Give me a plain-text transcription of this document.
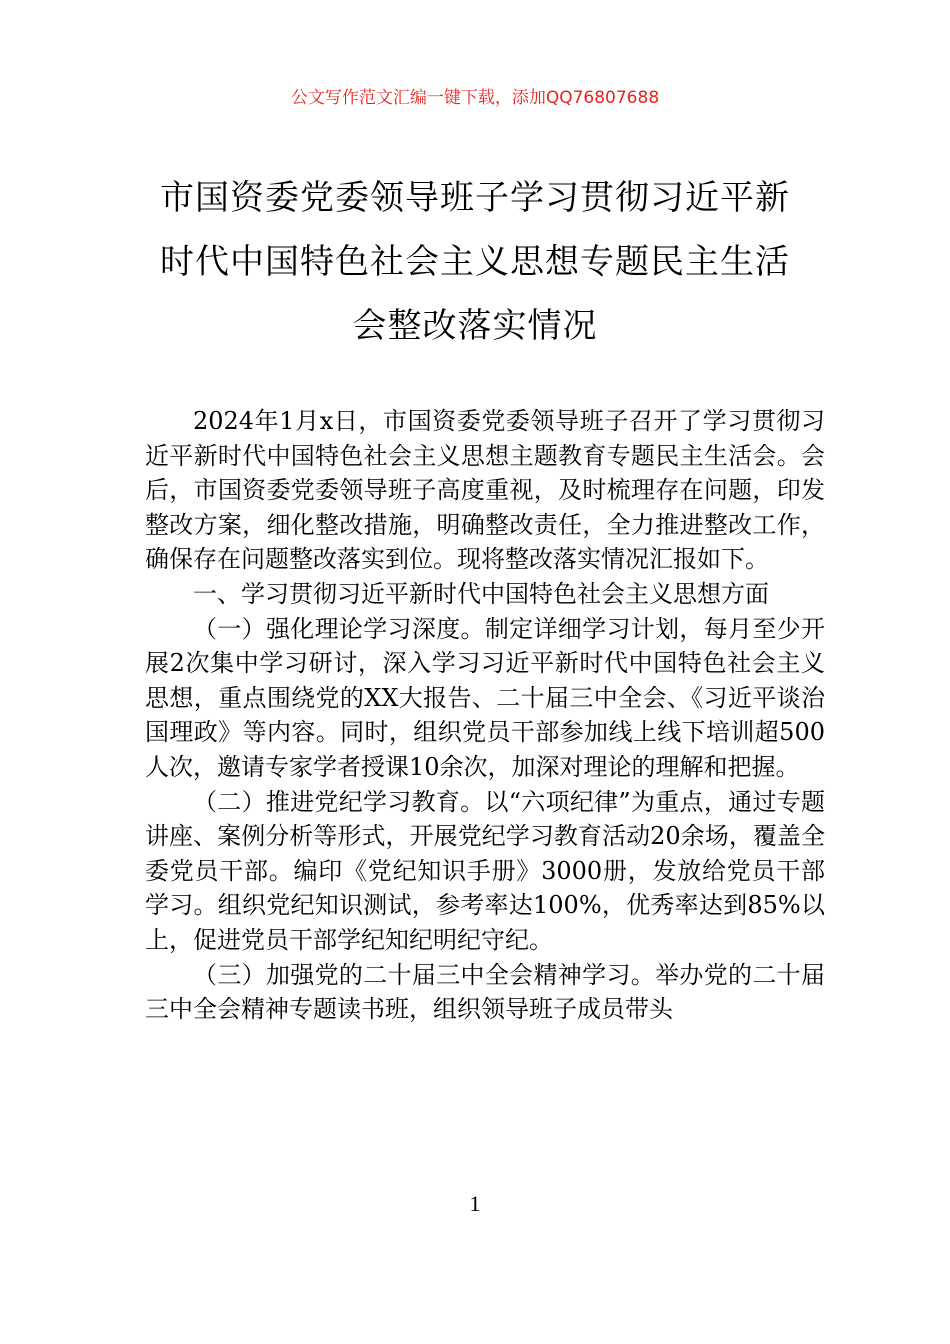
公文写作范文汇编一键下载，添加QQ76807688
市国资委党委领导班子学习贯彻习近平新
时代中国特色社会主义思想专题民主生活
会整改落实情况

2024年1月x日，市国资委党委领导班子召开了学习贯彻习近平新时代中国特色社会主义思想主题教育专题民主生活会。会后，市国资委党委领导班子高度重视，及时梳理存在问题，印发整改方案，细化整改措施，明确整改责任，全力推进整改工作，确保存在问题整改落实到位。现将整改落实情况汇报如下。

一、学习贯彻习近平新时代中国特色社会主义思想方面

（一）强化理论学习深度。制定详细学习计划，每月至少开展2次集中学习研讨，深入学习习近平新时代中国特色社会主义思想，重点围绕党的XX大报告、二十届三中全会、《习近平谈治国理政》等内容。同时，组织党员干部参加线上线下培训超500人次，邀请专家学者授课10余次，加深对理论的理解和把握。

（二）推进党纪学习教育。以“六项纪律”为重点，通过专题讲座、案例分析等形式，开展党纪学习教育活动20余场，覆盖全委党员干部。编印《党纪知识手册》3000册，发放给党员干部学习。组织党纪知识测试，参考率达100%，优秀率达到85%以上，促进党员干部学纪知纪明纪守纪。

（三）加强党的二十届三中全会精神学习。举办党的二十届三中全会精神专题读书班，组织领导班子成员带头

1
